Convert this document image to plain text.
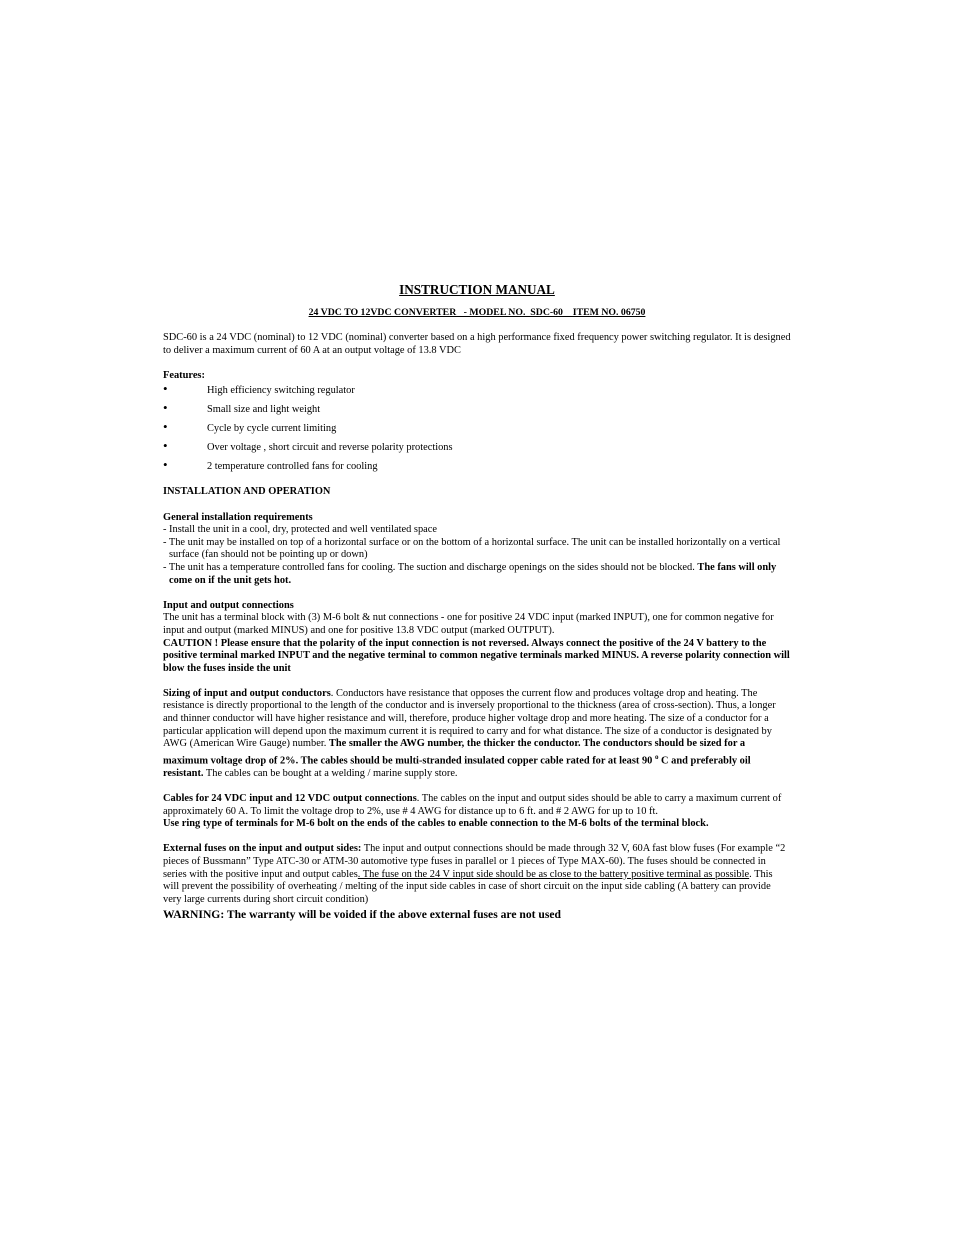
INSTRUCTION MANUAL
24 VDC TO 12VDC CONVERTER   - MODEL NO.  SDC-60    ITEM NO. 06750

SDC-60 is a 24 VDC (nominal) to 12 VDC (nominal) converter based on a high performance fixed frequency power switching regulator. It is designed to deliver a maximum current of 60 A at an output voltage of 13.8 VDC

Features:
•	High efficiency switching regulator
•	Small size and light weight
•	Cycle by cycle current limiting
•	Over voltage , short circuit and reverse polarity protections
•	2 temperature controlled fans for cooling
INSTALLATION AND OPERATION
General installation requirements

- Install the unit in a cool, dry, protected and well ventilated space

- The unit may be installed on top of a horizontal surface or on the bottom of a horizontal surface. The unit can be installed horizontally on a vertical surface (fan should not be pointing up or down)

- The unit has a temperature controlled fans for cooling. The suction and discharge openings on the sides should not be blocked. The fans will only come on if the unit gets hot.

Input and output connections

The unit has a terminal block with (3) M-6 bolt & nut connections - one for positive 24 VDC input (marked INPUT), one for common negative for input and output (marked MINUS) and one for positive 13.8 VDC output (marked OUTPUT).

CAUTION ! Please ensure that the polarity of the input connection is not reversed. Always connect the positive of the 24 V battery to the positive terminal marked INPUT and the negative terminal to common negative terminals marked MINUS. A reverse polarity connection will blow the fuses inside the unit

Sizing of input and output conductors. Conductors have resistance that opposes the current flow and produces voltage drop and heating. The resistance is directly proportional to the length of the conductor and is inversely proportional to the thickness (area of cross-section). Thus, a longer and thinner conductor will have higher resistance and will, therefore, produce higher voltage drop and more heating. The size of a conductor for a particular application will depend upon the maximum current it is required to carry and for what distance. The size of a conductor is designated by AWG (American Wire Gauge) number. The smaller the AWG number, the thicker the conductor. The conductors should be sized for a maximum voltage drop of 2%. The cables should be multi-stranded insulated copper cable rated for at least 90 $^o$ C and preferably oil resistant. The cables can be bought at a welding / marine supply store.

Cables for 24 VDC input and 12 VDC output connections. The cables on the input and output sides should be able to carry a maximum current of approximately 60 A. To limit the voltage drop to 2%, use # 4 AWG for distance up to 6 ft. and # 2 AWG for up to 10 ft.
Use ring type of terminals for M-6 bolt on the ends of the cables to enable connection to the M-6 bolts of the terminal block.

External fuses on the input and output sides: The input and output connections should be made through 32 V, 60A fast blow fuses (For example “2 pieces of Bussmann” Type ATC-30 or ATM-30 automotive type fuses in parallel or 1 pieces of Type MAX-60). The fuses should be connected in series with the positive input and output cables. The fuse on the 24 V input side should be as close to the battery positive terminal as possible. This will prevent the possibility of overheating / melting of the input side cables in case of short circuit on the input side cabling (A battery can provide very large currents during short circuit condition)

WARNING: The warranty will be voided if the above external fuses are not used
